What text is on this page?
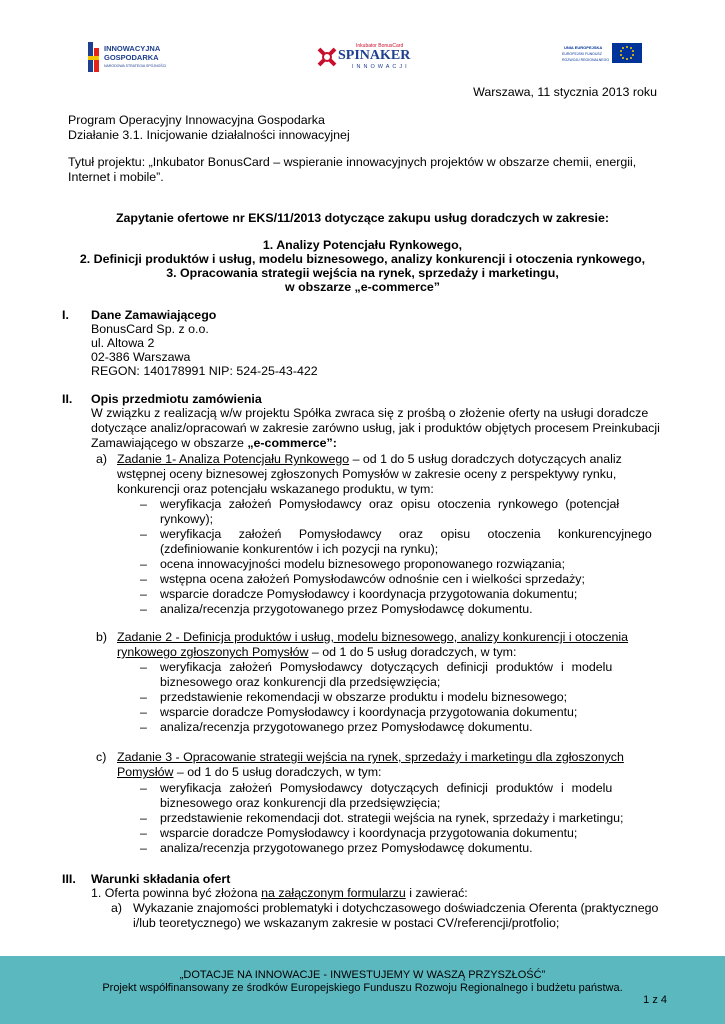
INNOWACYJNA
GOSPODARKA
NARODOWA STRATEGIA SPÓJNOŚCI
Inkubator BonusCard
SPINAKER
INNOWACJI
UNIA EUROPEJSKA
EUROPEJSKI FUNDUSZ
ROZWOJU REGIONALNEGO
Warszawa, 11 stycznia 2013 roku
Program Operacyjny Innowacyjna Gospodarka
Działanie 3.1. Inicjowanie działalności innowacyjnej
Tytuł projektu: „Inkubator BonusCard – wspieranie innowacyjnych projektów w obszarze chemii, energii,
Internet i mobile”.
Zapytanie ofertowe nr EKS/11/2013 dotyczące zakupu usług doradczych w zakresie:
1. Analizy Potencjału Rynkowego,
2. Definicji produktów i usług, modelu biznesowego, analizy konkurencji i otoczenia rynkowego,
3. Opracowania strategii wejścia na rynek, sprzedaży i marketingu,
w obszarze „e-commerce”
I. Dane Zamawiającego
BonusCard Sp. z o.o.
ul. Altowa 2
02-386 Warszawa
REGON: 140178991 NIP: 524-25-43-422
II. Opis przedmiotu zamówienia
W związku z realizacją w/w projektu Spółka zwraca się z prośbą o złożenie oferty na usługi doradcze
dotyczące analiz/opracowań w zakresie zarówno usług, jak i produktów objętych procesem Preinkubacji
Zamawiającego w obszarze „e-commerce”:
a) Zadanie 1- Analiza Potencjału Rynkowego – od 1 do 5 usług doradczych dotyczących analiz
wstępnej oceny biznesowej zgłoszonych Pomysłów w zakresie oceny z perspektywy rynku,
konkurencji oraz potencjału wskazanego produktu, w tym:
– weryfikacja założeń Pomysłodawcy oraz opisu otoczenia rynkowego (potencjał
rynkowy);
– weryfikacja założeń Pomysłodawcy oraz opisu otoczenia konkurencyjnego
(zdefiniowanie konkurentów i ich pozycji na rynku);
– ocena innowacyjności modelu biznesowego proponowanego rozwiązania;
– wstępna ocena założeń Pomysłodawców odnośnie cen i wielkości sprzedaży;
– wsparcie doradcze Pomysłodawcy i koordynacja przygotowania dokumentu;
– analiza/recenzja przygotowanego przez Pomysłodawcę dokumentu.
b) Zadanie 2 - Definicja produktów i usług, modelu biznesowego, analizy konkurencji i otoczenia
rynkowego zgłoszonych Pomysłów – od 1 do 5 usług doradczych, w tym:
– weryfikacja założeń Pomysłodawcy dotyczących definicji produktów i modelu
biznesowego oraz konkurencji dla przedsięwzięcia;
– przedstawienie rekomendacji w obszarze produktu i modelu biznesowego;
– wsparcie doradcze Pomysłodawcy i koordynacja przygotowania dokumentu;
– analiza/recenzja przygotowanego przez Pomysłodawcę dokumentu.
c) Zadanie 3 - Opracowanie strategii wejścia na rynek, sprzedaży i marketingu dla zgłoszonych
Pomysłów – od 1 do 5 usług doradczych, w tym:
– weryfikacja założeń Pomysłodawcy dotyczących definicji produktów i modelu
biznesowego oraz konkurencji dla przedsięwzięcia;
– przedstawienie rekomendacji dot. strategii wejścia na rynek, sprzedaży i marketingu;
– wsparcie doradcze Pomysłodawcy i koordynacja przygotowania dokumentu;
– analiza/recenzja przygotowanego przez Pomysłodawcę dokumentu.
III. Warunki składania ofert
1. Oferta powinna być złożona na załączonym formularzu i zawierać:
a) Wykazanie znajomości problematyki i dotychczasowego doświadczenia Oferenta (praktycznego
i/lub teoretycznego) we wskazanym zakresie w postaci CV/referencji/protfolio;
„DOTACJE NA INNOWACJE - INWESTUJEMY W WASZĄ PRZYSZŁOŚĆ”
Projekt współfinansowany ze środków Europejskiego Funduszu Rozwoju Regionalnego i budżetu państwa.
1 z 4
